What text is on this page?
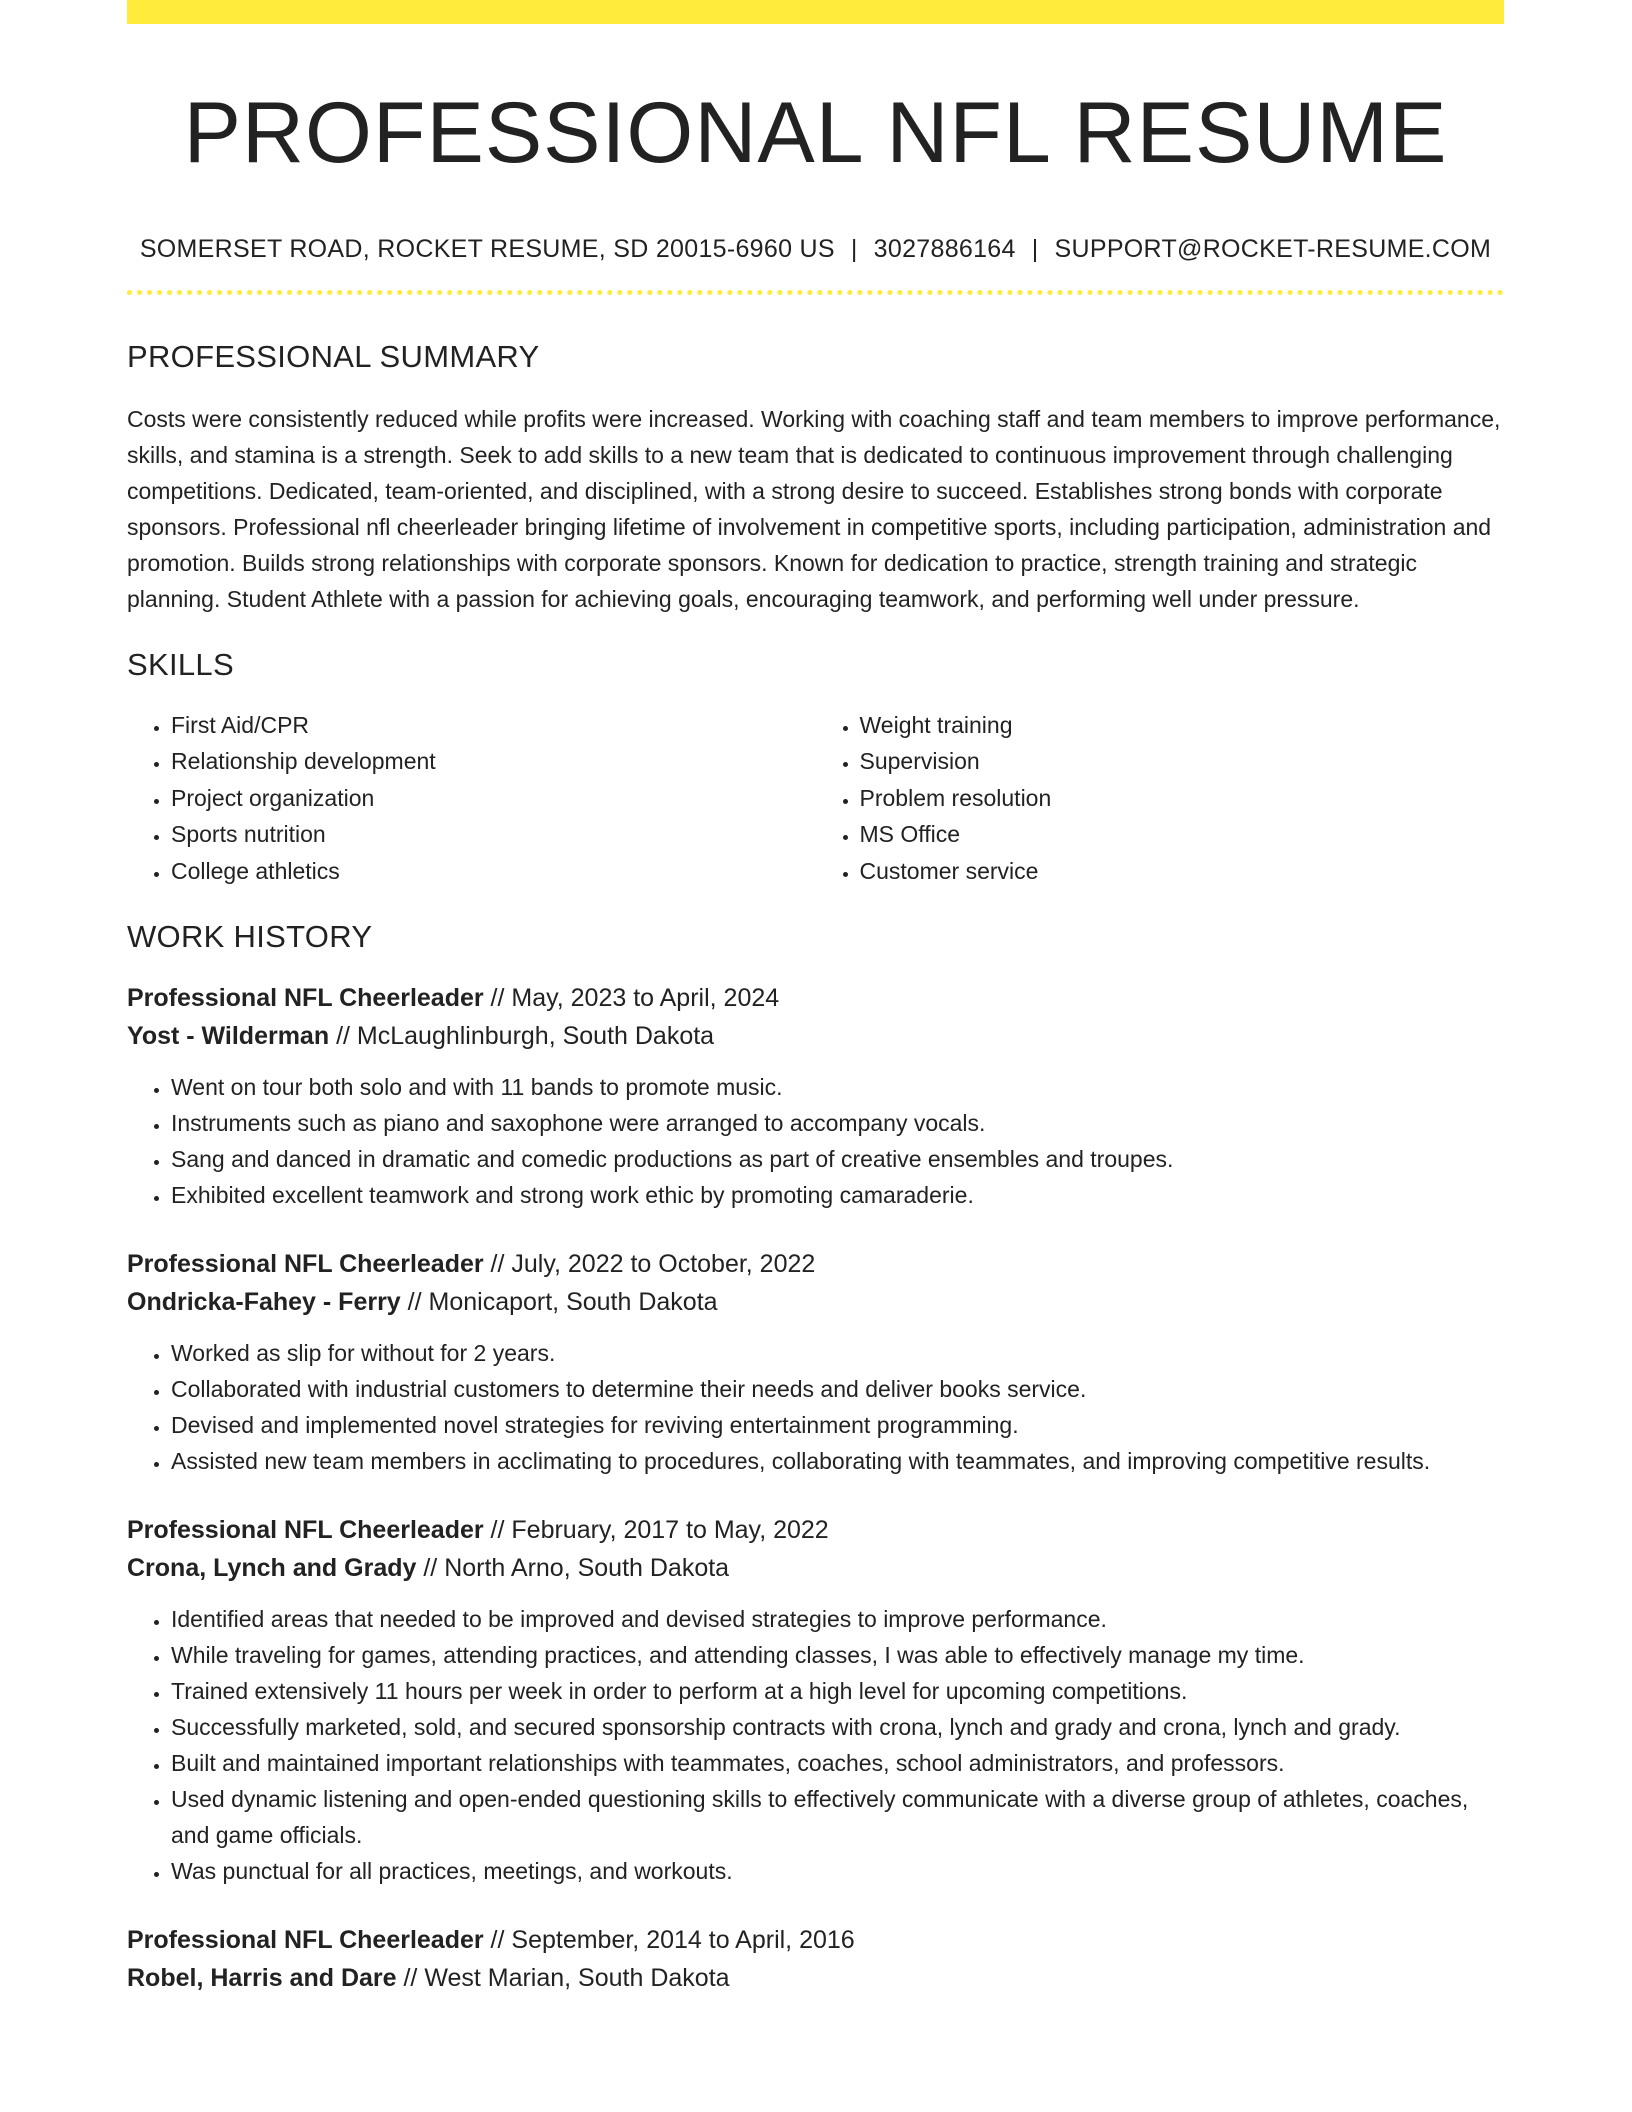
PROFESSIONAL NFL RESUME
SOMERSET ROAD, ROCKET RESUME, SD 20015-6960 US | 3027886164 | SUPPORT@ROCKET-RESUME.COM
PROFESSIONAL SUMMARY

Costs were consistently reduced while profits were increased. Working with coaching staff and team members to improve performance, skills, and stamina is a strength. Seek to add skills to a new team that is dedicated to continuous improvement through challenging competitions. Dedicated, team-oriented, and disciplined, with a strong desire to succeed. Establishes strong bonds with corporate sponsors. Professional nfl cheerleader bringing lifetime of involvement in competitive sports, including participation, administration and promotion. Builds strong relationships with corporate sponsors. Known for dedication to practice, strength training and strategic planning. Student Athlete with a passion for achieving goals, encouraging teamwork, and performing well under pressure.

SKILLS
• First Aid/CPR
• Relationship development
• Project organization
• Sports nutrition
• College athletics
• Weight training
• Supervision
• Problem resolution
• MS Office
• Customer service
WORK HISTORY
Professional NFL Cheerleader // May, 2023 to April, 2024
Yost - Wilderman // McLaughlinburgh, South Dakota
• Went on tour both solo and with 11 bands to promote music.
• Instruments such as piano and saxophone were arranged to accompany vocals.
• Sang and danced in dramatic and comedic productions as part of creative ensembles and troupes.
• Exhibited excellent teamwork and strong work ethic by promoting camaraderie.
Professional NFL Cheerleader // July, 2022 to October, 2022
Ondricka-Fahey - Ferry // Monicaport, South Dakota
• Worked as slip for without for 2 years.
• Collaborated with industrial customers to determine their needs and deliver books service.
• Devised and implemented novel strategies for reviving entertainment programming.
• Assisted new team members in acclimating to procedures, collaborating with teammates, and improving competitive results.
Professional NFL Cheerleader // February, 2017 to May, 2022
Crona, Lynch and Grady // North Arno, South Dakota
• Identified areas that needed to be improved and devised strategies to improve performance.
• While traveling for games, attending practices, and attending classes, I was able to effectively manage my time.
• Trained extensively 11 hours per week in order to perform at a high level for upcoming competitions.
• Successfully marketed, sold, and secured sponsorship contracts with crona, lynch and grady and crona, lynch and grady.
• Built and maintained important relationships with teammates, coaches, school administrators, and professors.
• Used dynamic listening and open-ended questioning skills to effectively communicate with a diverse group of athletes, coaches, and game officials.
• Was punctual for all practices, meetings, and workouts.
Professional NFL Cheerleader // September, 2014 to April, 2016
Robel, Harris and Dare // West Marian, South Dakota
